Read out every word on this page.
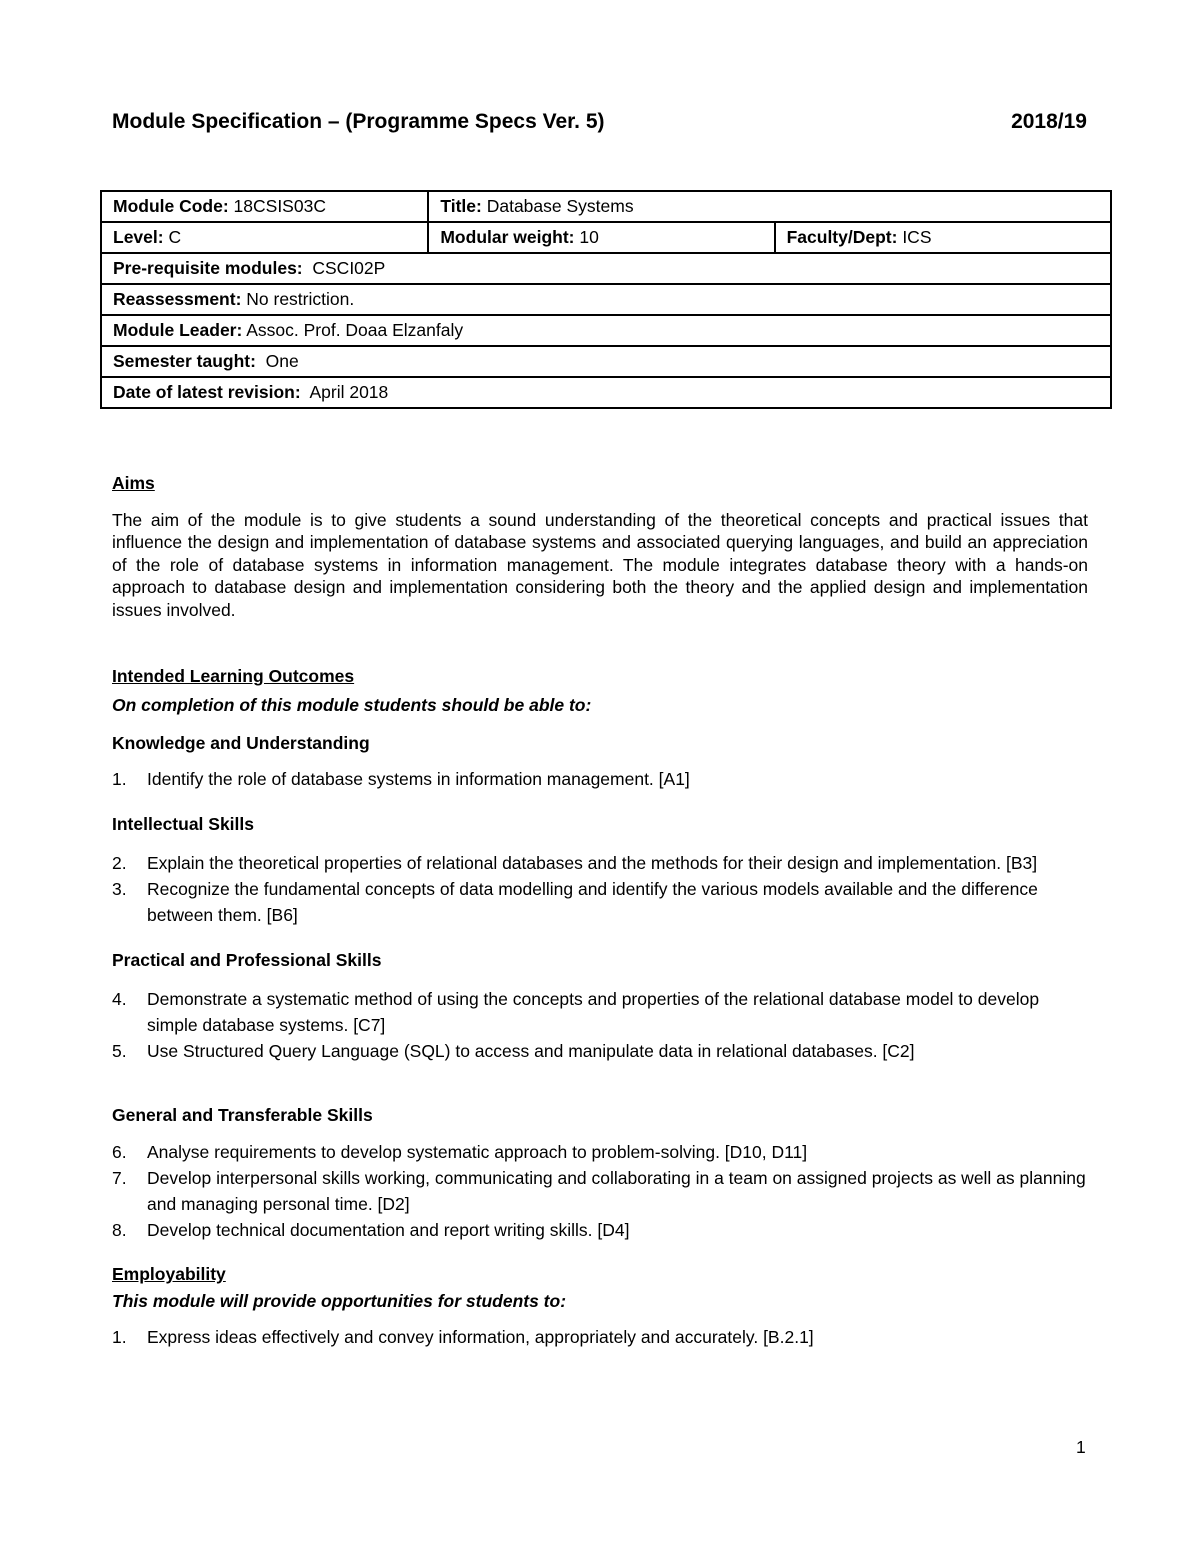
Module Specification – (Programme Specs Ver. 5)	2018/19
Module Code: 18CSIS03C	Title: Database Systems	
Level: C	Modular weight: 10	Faculty/Dept: ICS
Pre-requisite modules:  CSCI02P		
Reassessment: No restriction.		
Module Leader: Assoc. Prof. Doaa Elzanfaly		
Semester taught:  One		
Date of latest revision:  April 2018		

Aims

The aim of the module is to give students a sound understanding of the theoretical concepts and practical issues that influence the design and implementation of database systems and associated querying languages, and build an appreciation of the role of database systems in information management. The module integrates database theory with a hands-on approach to database design and implementation considering both the theory and the applied design and implementation issues involved.

Intended Learning Outcomes

On completion of this module students should be able to:

Knowledge and Understanding

1.	Identify the role of database systems in information management. [A1]

Intellectual Skills

2.	Explain the theoretical properties of relational databases and the methods for their design and implementation. [B3]
3.	Recognize the fundamental concepts of data modelling and identify the various models available and the difference between them. [B6]

Practical and Professional Skills

4.	Demonstrate a systematic method of using the concepts and properties of the relational database model to develop simple database systems. [C7]
5.	Use Structured Query Language (SQL) to access and manipulate data in relational databases. [C2]

General and Transferable Skills

6.	Analyse requirements to develop systematic approach to problem-solving. [D10, D11]
7.	Develop interpersonal skills working, communicating and collaborating in a team on assigned projects as well as planning and managing personal time. [D2]
8.	Develop technical documentation and report writing skills. [D4]

Employability

This module will provide opportunities for students to:

1.	Express ideas effectively and convey information, appropriately and accurately. [B.2.1]
1
